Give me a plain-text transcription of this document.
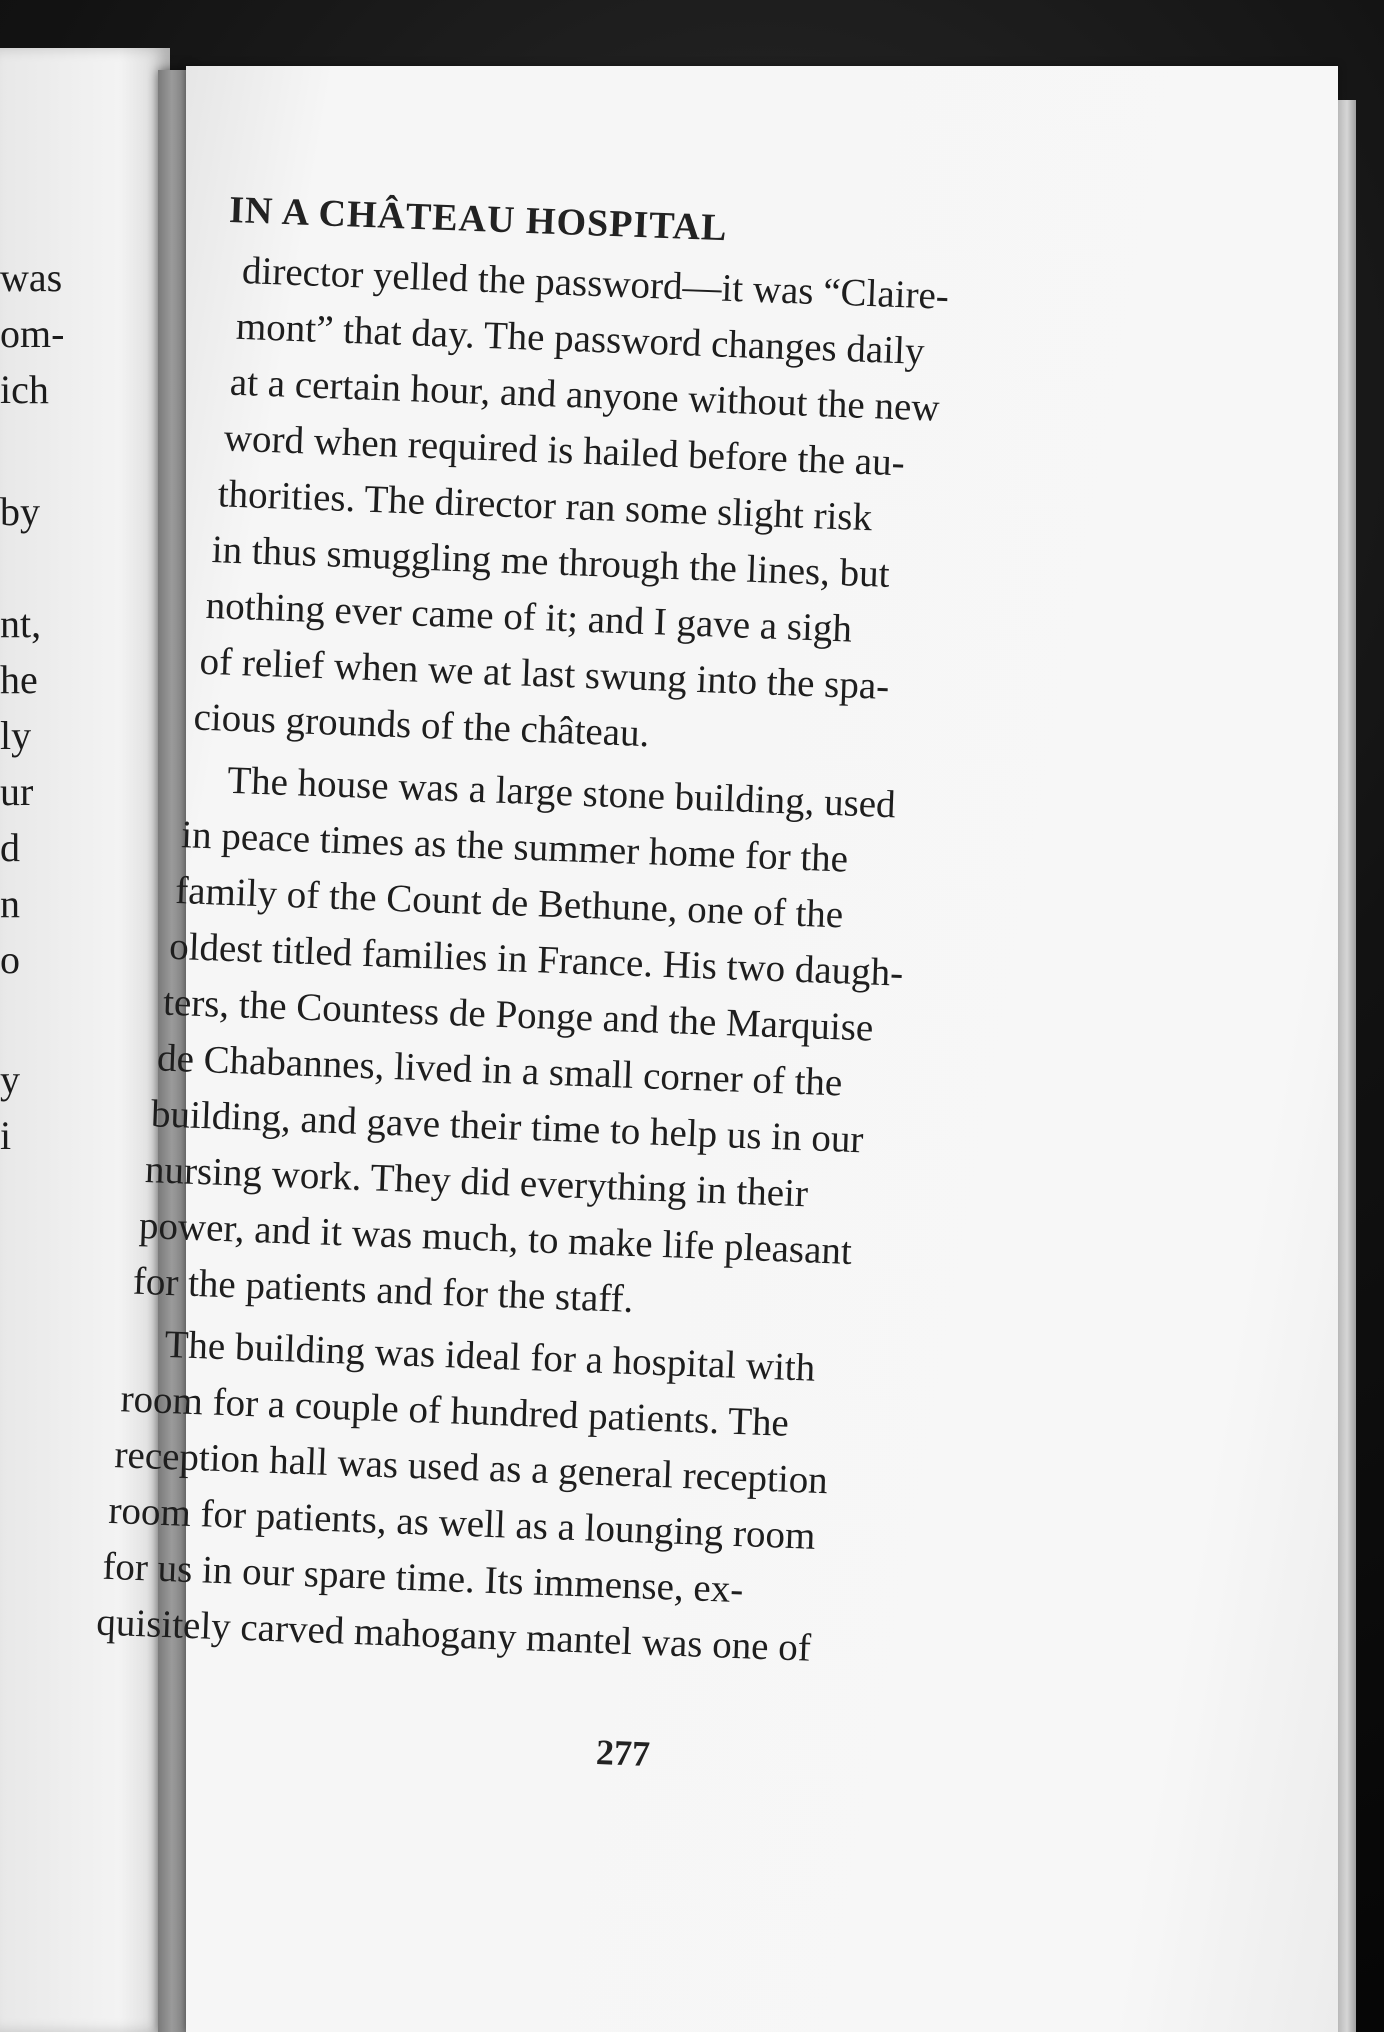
was
om-
ich
by
nt,
he
ly
ur
d
n
o
y
i
IN A CHÂTEAU HOSPITAL
director yelled the password—it was “Claire-
mont” that day. The password changes daily
at a certain hour, and anyone without the new
word when required is hailed before the au-
thorities. The director ran some slight risk
in thus smuggling me through the lines, but
nothing ever came of it; and I gave a sigh
of relief when we at last swung into the spa-
cious grounds of the château.
The house was a large stone building, used
in peace times as the summer home for the
family of the Count de Bethune, one of the
oldest titled families in France. His two daugh-
ters, the Countess de Ponge and the Marquise
de Chabannes, lived in a small corner of the
building, and gave their time to help us in our
nursing work. They did everything in their
power, and it was much, to make life pleasant
for the patients and for the staff.
The building was ideal for a hospital with
room for a couple of hundred patients. The
reception hall was used as a general reception
room for patients, as well as a lounging room
for us in our spare time. Its immense, ex-
quisitely carved mahogany mantel was one of
277
